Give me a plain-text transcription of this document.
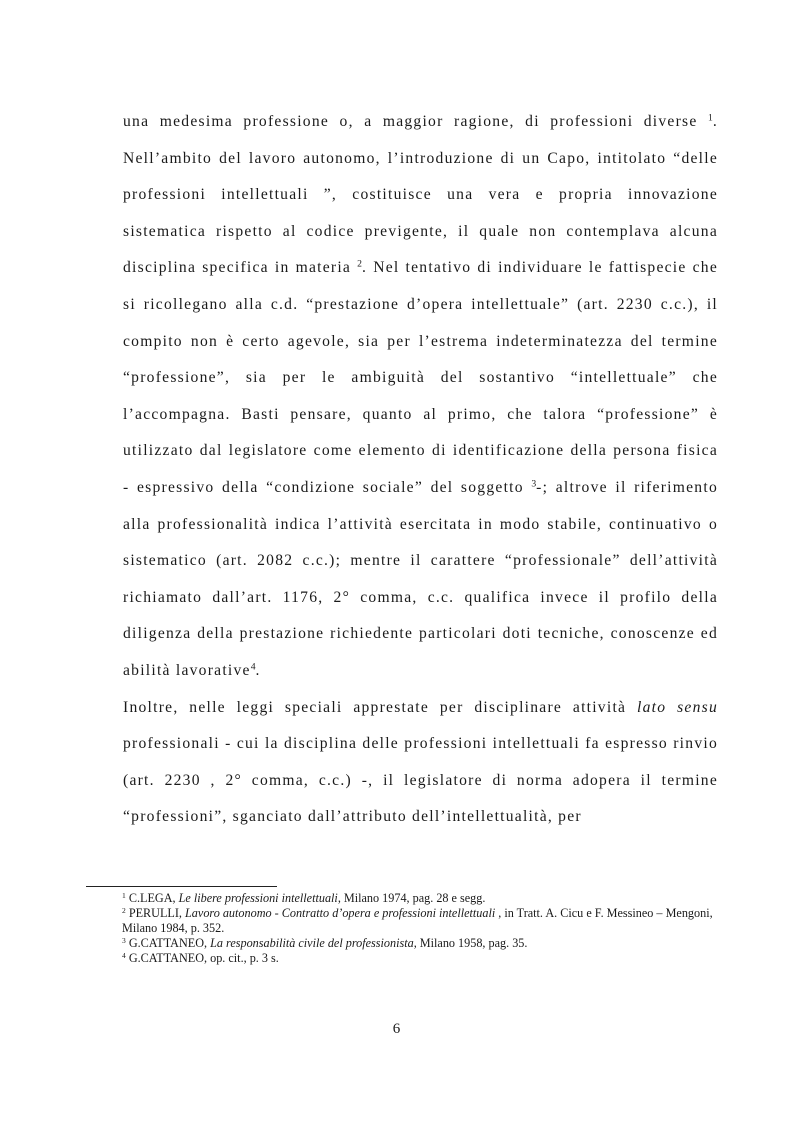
una medesima professione o, a maggior ragione, di professioni diverse $^1$. Nell’ambito del lavoro autonomo, l’introduzione di un Capo, intitolato “delle professioni intellettuali ”, costituisce una vera e propria innovazione sistematica rispetto al codice previgente, il quale non contemplava alcuna disciplina specifica in materia $^2$. Nel tentativo di individuare le fattispecie che si ricollegano alla c.d. “prestazione d’opera intellettuale” (art. 2230 c.c.), il compito non è certo agevole, sia per l’estrema indeterminatezza del termine “professione”, sia per le ambiguità del sostantivo “intellettuale” che l’accompagna. Basti pensare, quanto al primo, che talora “professione” è utilizzato dal legislatore come elemento di identificazione della persona fisica - espressivo della “condizione sociale” del soggetto $^3$-; altrove il riferimento alla professionalità indica l’attività esercitata in modo stabile, continuativo o sistematico (art. 2082 c.c.); mentre il carattere “professionale” dell’attività richiamato dall’art. 1176, 2° comma, c.c. qualifica invece il profilo della diligenza della prestazione richiedente particolari doti tecniche, conoscenze ed abilità lavorative$^4$.

Inoltre, nelle leggi speciali apprestate per disciplinare attività lato sensu professionali - cui la disciplina delle professioni intellettuali fa espresso rinvio (art. 2230 , 2° comma, c.c.) -, il legislatore di norma adopera il termine “professioni”, sganciato dall’attributo dell’intellettualità, per

$^1$ C.LEGA, Le libere professioni intellettuali, Milano 1974, pag. 28 e segg.

$^2$ PERULLI, Lavoro autonomo - Contratto d’opera e professioni intellettuali , in Tratt. A. Cicu e F. Messineo – Mengoni, Milano 1984, p. 352.

$^3$ G.CATTANEO, La responsabilità civile del professionista, Milano 1958, pag. 35.

$^4$ G.CATTANEO, op. cit., p. 3 s.

6
